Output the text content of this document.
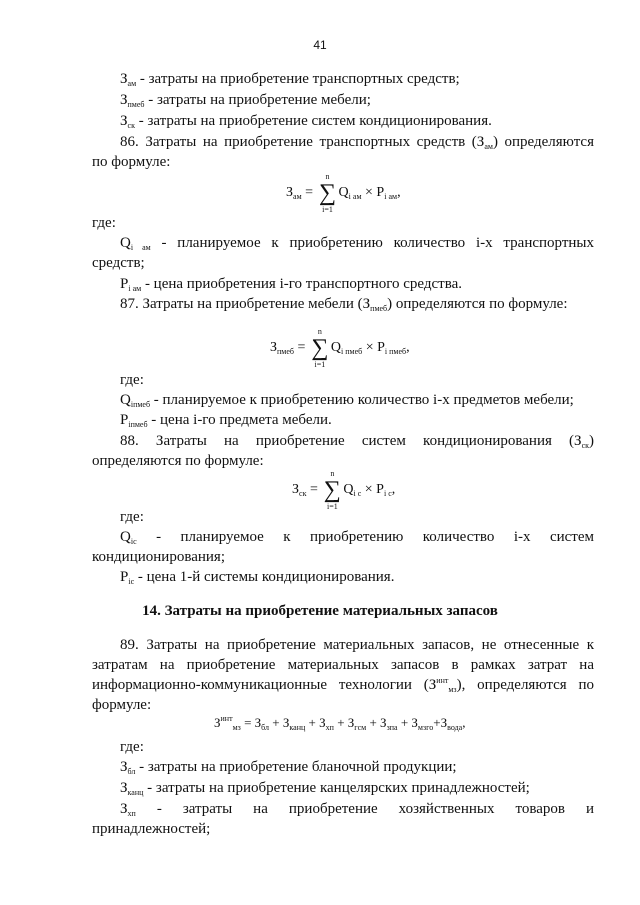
41
$З_{ам}$ - затраты на приобретение транспортных средств;
$З_{пмеб}$ - затраты на приобретение мебели;
$З_{ск}$ - затраты на приобретение систем кондиционирования.
86. Затраты на приобретение транспортных средств $(З_{ам})$ определяются
по формуле:
$З_{ам}$ =
n
∑
i=1
$Q_{i ам} \times P_{i ам}$,
где:
$Q_{i ам}$ - планируемое к приобретению количество i-х транспортных
средств;
$P_{i ам}$ - цена приобретения i-го транспортного средства.
87. Затраты на приобретение мебели $(З_{пмеб})$ определяются по формуле:
$З_{пмеб}$ =
n
∑
i=1
$Q_{i пмеб} \times P_{i пмеб}$,
где:
$Q_{iпмеб}$ - планируемое к приобретению количество i-х предметов мебели;
$P_{iпмеб}$ - цена i-го предмета мебели.
88. Затраты на приобретение систем кондиционирования $(З_{ск})$
определяются по формуле:
$З_{ск}$ =
n
∑
i=1
$Q_{i c} \times P_{i c}$,
где:
$Q_{ic}$ - планируемое к приобретению количество i-х систем
кондиционирования;
$P_{ic}$ - цена 1-й системы кондиционирования.
14. Затраты на приобретение материальных запасов
89. Затраты на приобретение материальных запасов, не отнесенные к
затратам на приобретение материальных запасов в рамках затрат на
информационно-коммуникационные технологии $(З^{инт}_{мз})$, определяются по
формуле:
$З^{инт}_{мз} = З_{бл} + З_{канц} + З_{хп} + З_{гсм} + З_{зпа} + З_{мзго}+З_{вода}$,
где:
$З_{бл}$ - затраты на приобретение бланочной продукции;
$З_{канц}$ - затраты на приобретение канцелярских принадлежностей;
$З_{хп}$ - затраты на приобретение хозяйственных товаров и
принадлежностей;
